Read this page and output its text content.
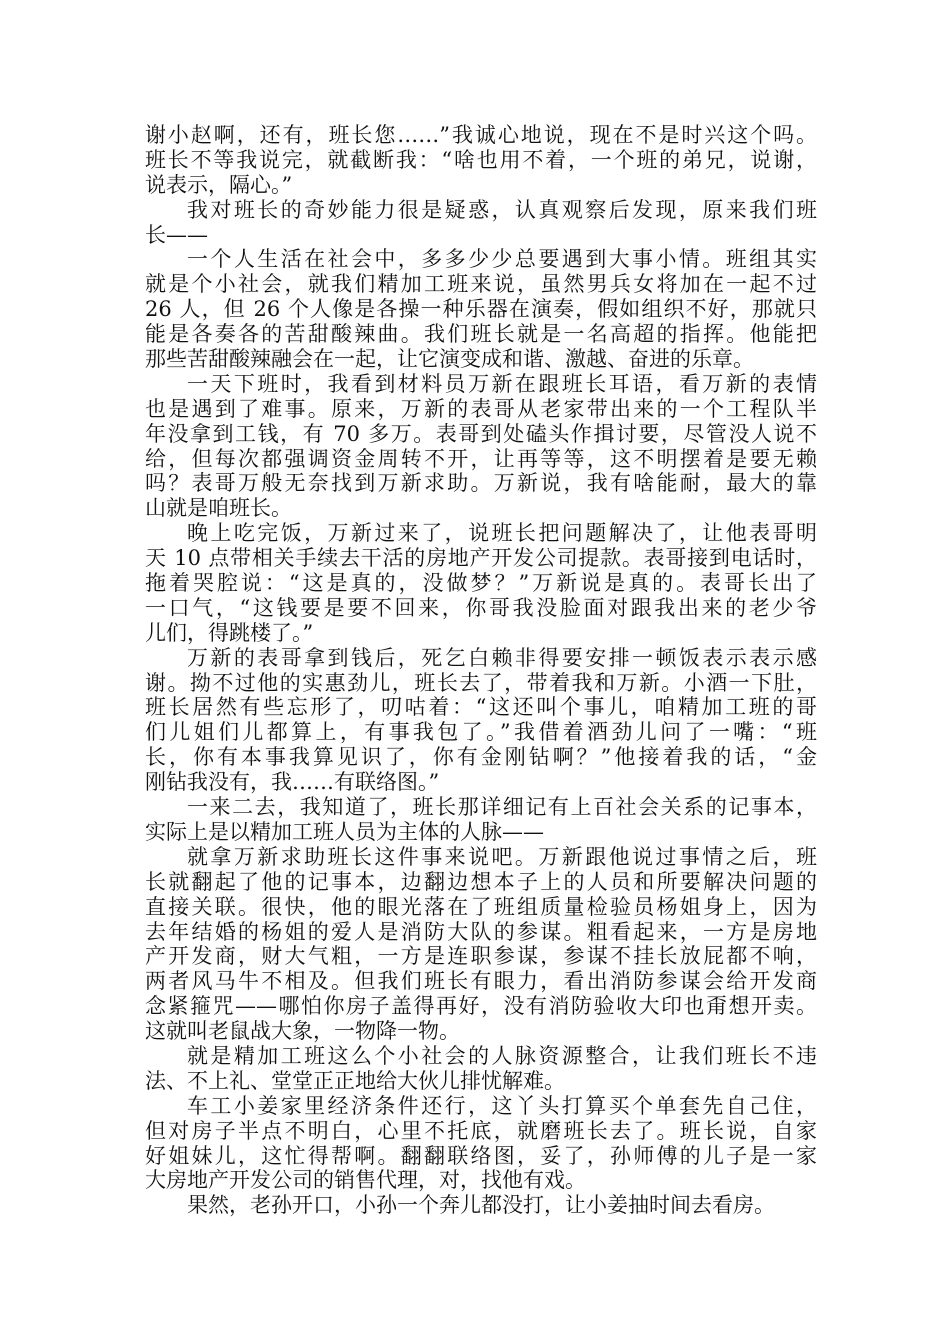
谢小赵啊，还有，班长您……”我诚心地说，现在不是时兴这个吗。
班长不等我说完，就截断我：“啥也用不着，一个班的弟兄，说谢，
说表示，隔心。”
我对班长的奇妙能力很是疑惑，认真观察后发现，原来我们班
长——
一个人生活在社会中，多多少少总要遇到大事小情。班组其实
就是个小社会，就我们精加工班来说，虽然男兵女将加在一起不过
26 人，但 26 个人像是各操一种乐器在演奏，假如组织不好，那就只
能是各奏各的苦甜酸辣曲。我们班长就是一名高超的指挥。他能把
那些苦甜酸辣融会在一起，让它演变成和谐、激越、奋进的乐章。
一天下班时，我看到材料员万新在跟班长耳语，看万新的表情
也是遇到了难事。原来，万新的表哥从老家带出来的一个工程队半
年没拿到工钱，有 70 多万。表哥到处磕头作揖讨要，尽管没人说不
给，但每次都强调资金周转不开，让再等等，这不明摆着是要无赖
吗？表哥万般无奈找到万新求助。万新说，我有啥能耐，最大的靠
山就是咱班长。
晚上吃完饭，万新过来了，说班长把问题解决了，让他表哥明
天 10 点带相关手续去干活的房地产开发公司提款。表哥接到电话时，
拖着哭腔说：“这是真的，没做梦？”万新说是真的。表哥长出了
一口气，“这钱要是要不回来，你哥我没脸面对跟我出来的老少爷
儿们，得跳楼了。”
万新的表哥拿到钱后，死乞白赖非得要安排一顿饭表示表示感
谢。拗不过他的实惠劲儿，班长去了，带着我和万新。小酒一下肚，
班长居然有些忘形了，叨咕着：“这还叫个事儿，咱精加工班的哥
们儿姐们儿都算上，有事我包了。”我借着酒劲儿问了一嘴：“班
长，你有本事我算见识了，你有金刚钻啊？”他接着我的话，“金
刚钻我没有，我……有联络图。”
一来二去，我知道了，班长那详细记有上百社会关系的记事本，
实际上是以精加工班人员为主体的人脉——
就拿万新求助班长这件事来说吧。万新跟他说过事情之后，班
长就翻起了他的记事本，边翻边想本子上的人员和所要解决问题的
直接关联。很快，他的眼光落在了班组质量检验员杨姐身上，因为
去年结婚的杨姐的爱人是消防大队的参谋。粗看起来，一方是房地
产开发商，财大气粗，一方是连职参谋，参谋不挂长放屁都不响，
两者风马牛不相及。但我们班长有眼力，看出消防参谋会给开发商
念紧箍咒——哪怕你房子盖得再好，没有消防验收大印也甭想开卖。
这就叫老鼠战大象，一物降一物。
就是精加工班这么个小社会的人脉资源整合，让我们班长不违
法、不上礼、堂堂正正地给大伙儿排忧解难。
车工小姜家里经济条件还行，这丫头打算买个单套先自己住，
但对房子半点不明白，心里不托底，就磨班长去了。班长说，自家
好姐妹儿，这忙得帮啊。翻翻联络图，妥了，孙师傅的儿子是一家
大房地产开发公司的销售代理，对，找他有戏。
果然，老孙开口，小孙一个奔儿都没打，让小姜抽时间去看房。
